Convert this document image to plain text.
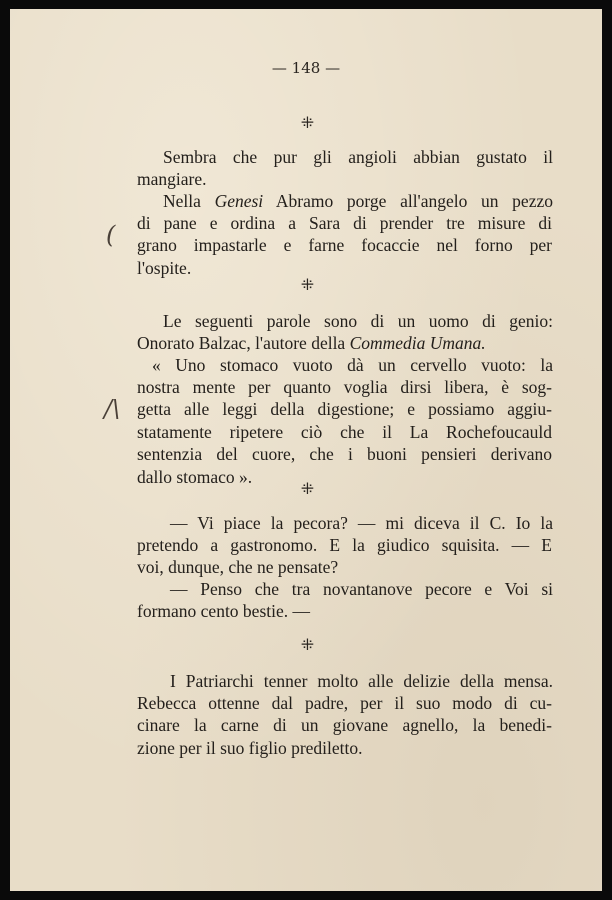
— 148 —
⁜
Sembra che pur gli angioli abbian gustato il
mangiare.
Nella Genesi Abramo porge all'angelo un pezzo
di pane e ordina a Sara di prender tre misure di
grano impastarle e farne focaccie nel forno per
l'ospite.
(
⁜
Le seguenti parole sono di un uomo di genio:
Onorato Balzac, l'autore della Commedia Umana.
« Uno stomaco vuoto dà un cervello vuoto: la
nostra mente per quanto voglia dirsi libera, è sog-
getta alle leggi della digestione; e possiamo aggiu-
statamente ripetere ciò che il La Rochefoucauld
sentenzia del cuore, che i buoni pensieri derivano
dallo stomaco ».
/\
⁜
— Vi piace la pecora? — mi diceva il C. Io la
pretendo a gastronomo. E la giudico squisita. — E
voi, dunque, che ne pensate?
— Penso che tra novantanove pecore e Voi si
formano cento bestie. —
⁜
I Patriarchi tenner molto alle delizie della mensa.
Rebecca ottenne dal padre, per il suo modo di cu-
cinare la carne di un giovane agnello, la benedi-
zione per il suo figlio prediletto.
